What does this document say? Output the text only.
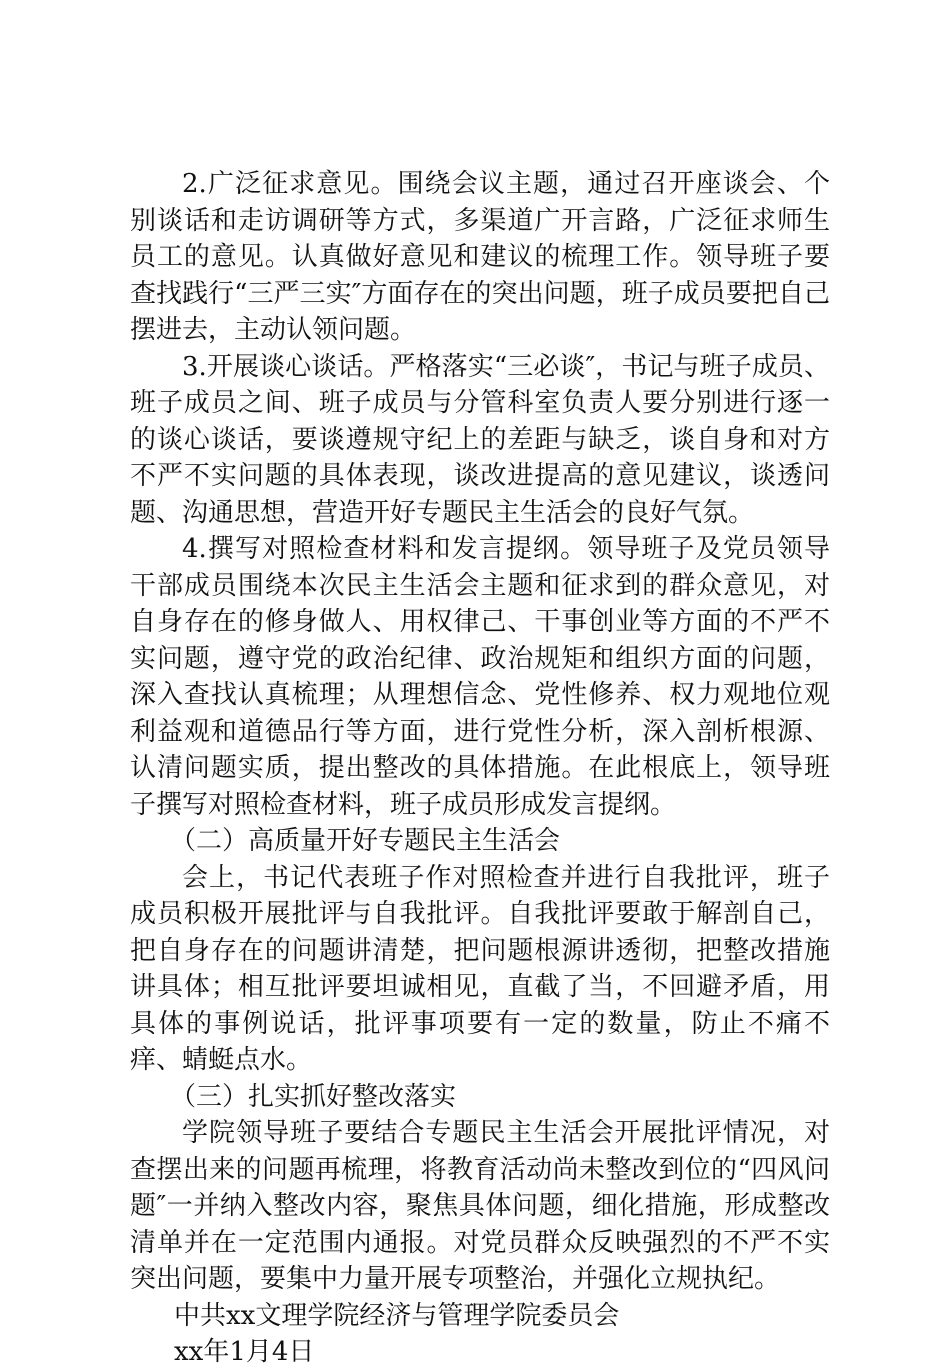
2.广泛征求意见。围绕会议主题，通过召开座谈会、个别谈话和走访调研等方式，多渠道广开言路，广泛征求师生员工的意见。认真做好意见和建议的梳理工作。领导班子要查找践行“三严三实″方面存在的突出问题，班子成员要把自己摆进去，主动认领问题。

3.开展谈心谈话。严格落实“三必谈″，书记与班子成员、班子成员之间、班子成员与分管科室负责人要分别进行逐一的谈心谈话，要谈遵规守纪上的差距与缺乏，谈自身和对方不严不实问题的具体表现，谈改进提高的意见建议，谈透问题、沟通思想，营造开好专题民主生活会的良好气氛。

4.撰写对照检查材料和发言提纲。领导班子及党员领导干部成员围绕本次民主生活会主题和征求到的群众意见，对自身存在的修身做人、用权律己、干事创业等方面的不严不实问题，遵守党的政治纪律、政治规矩和组织方面的问题，深入查找认真梳理；从理想信念、党性修养、权力观地位观利益观和道德品行等方面，进行党性分析，深入剖析根源、认清问题实质，提出整改的具体措施。在此根底上，领导班子撰写对照检查材料，班子成员形成发言提纲。

（二）高质量开好专题民主生活会

会上，书记代表班子作对照检查并进行自我批评，班子成员积极开展批评与自我批评。自我批评要敢于解剖自己，把自身存在的问题讲清楚，把问题根源讲透彻，把整改措施讲具体；相互批评要坦诚相见，直截了当，不回避矛盾，用具体的事例说话，批评事项要有一定的数量，防止不痛不痒、蜻蜓点水。

（三）扎实抓好整改落实

学院领导班子要结合专题民主生活会开展批评情况，对查摆出来的问题再梳理，将教育活动尚未整改到位的“四风问题″一并纳入整改内容，聚焦具体问题，细化措施，形成整改清单并在一定范围内通报。对党员群众反映强烈的不严不实突出问题，要集中力量开展专项整治，并强化立规执纪。

中共xx文理学院经济与管理学院委员会

xx年1月4日
